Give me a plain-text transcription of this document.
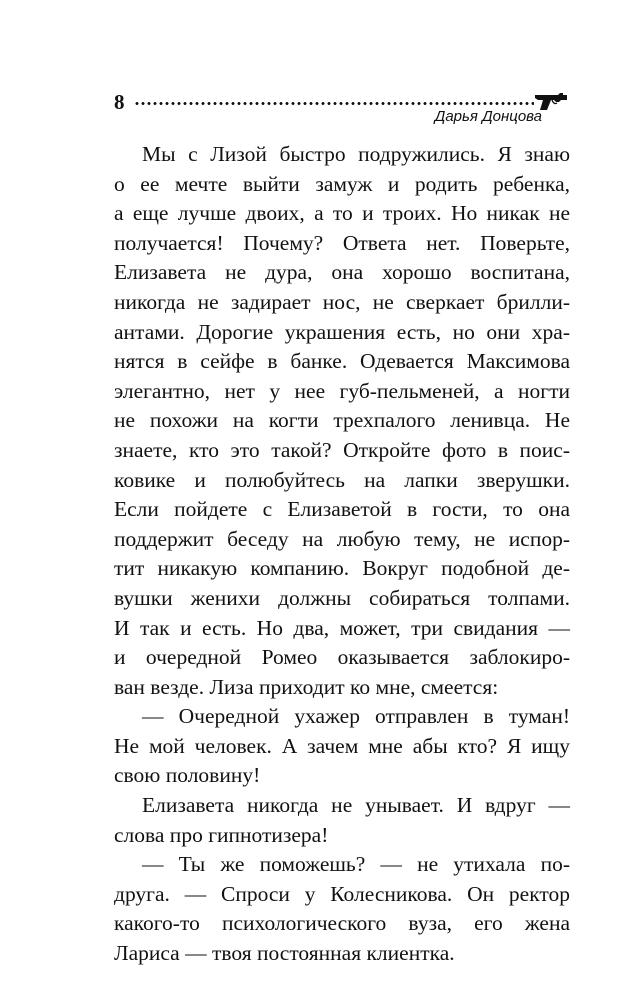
8
Дарья Донцова

Мы с Лизой быстро подружились. Я знаю
о ее мечте выйти замуж и родить ребенка,
а еще лучше двоих, а то и троих. Но никак не
получается! Почему? Ответа нет. Поверьте,
Елизавета не дура, она хорошо воспитана,
никогда не задирает нос, не сверкает брилли-
антами. Дорогие украшения есть, но они хра-
нятся в сейфе в банке. Одевается Максимова
элегантно, нет у нее губ-пельменей, а ногти
не похожи на когти трехпалого ленивца. Не
знаете, кто это такой? Откройте фото в поис-
ковике и полюбуйтесь на лапки зверушки.
Если пойдете с Елизаветой в гости, то она
поддержит беседу на любую тему, не испор-
тит никакую компанию. Вокруг подобной де-
вушки женихи должны собираться толпами.
И так и есть. Но два, может, три свидания —
и очередной Ромео оказывается заблокиро-
ван везде. Лиза приходит ко мне, смеется:

— Очередной ухажер отправлен в туман!
Не мой человек. А зачем мне абы кто? Я ищу
свою половину!

Елизавета никогда не унывает. И вдруг —
слова про гипнотизера!

— Ты же поможешь? — не утихала по-
друга. — Спроси у Колесникова. Он ректор
какого-то психологического вуза, его жена
Лариса — твоя постоянная клиентка.
